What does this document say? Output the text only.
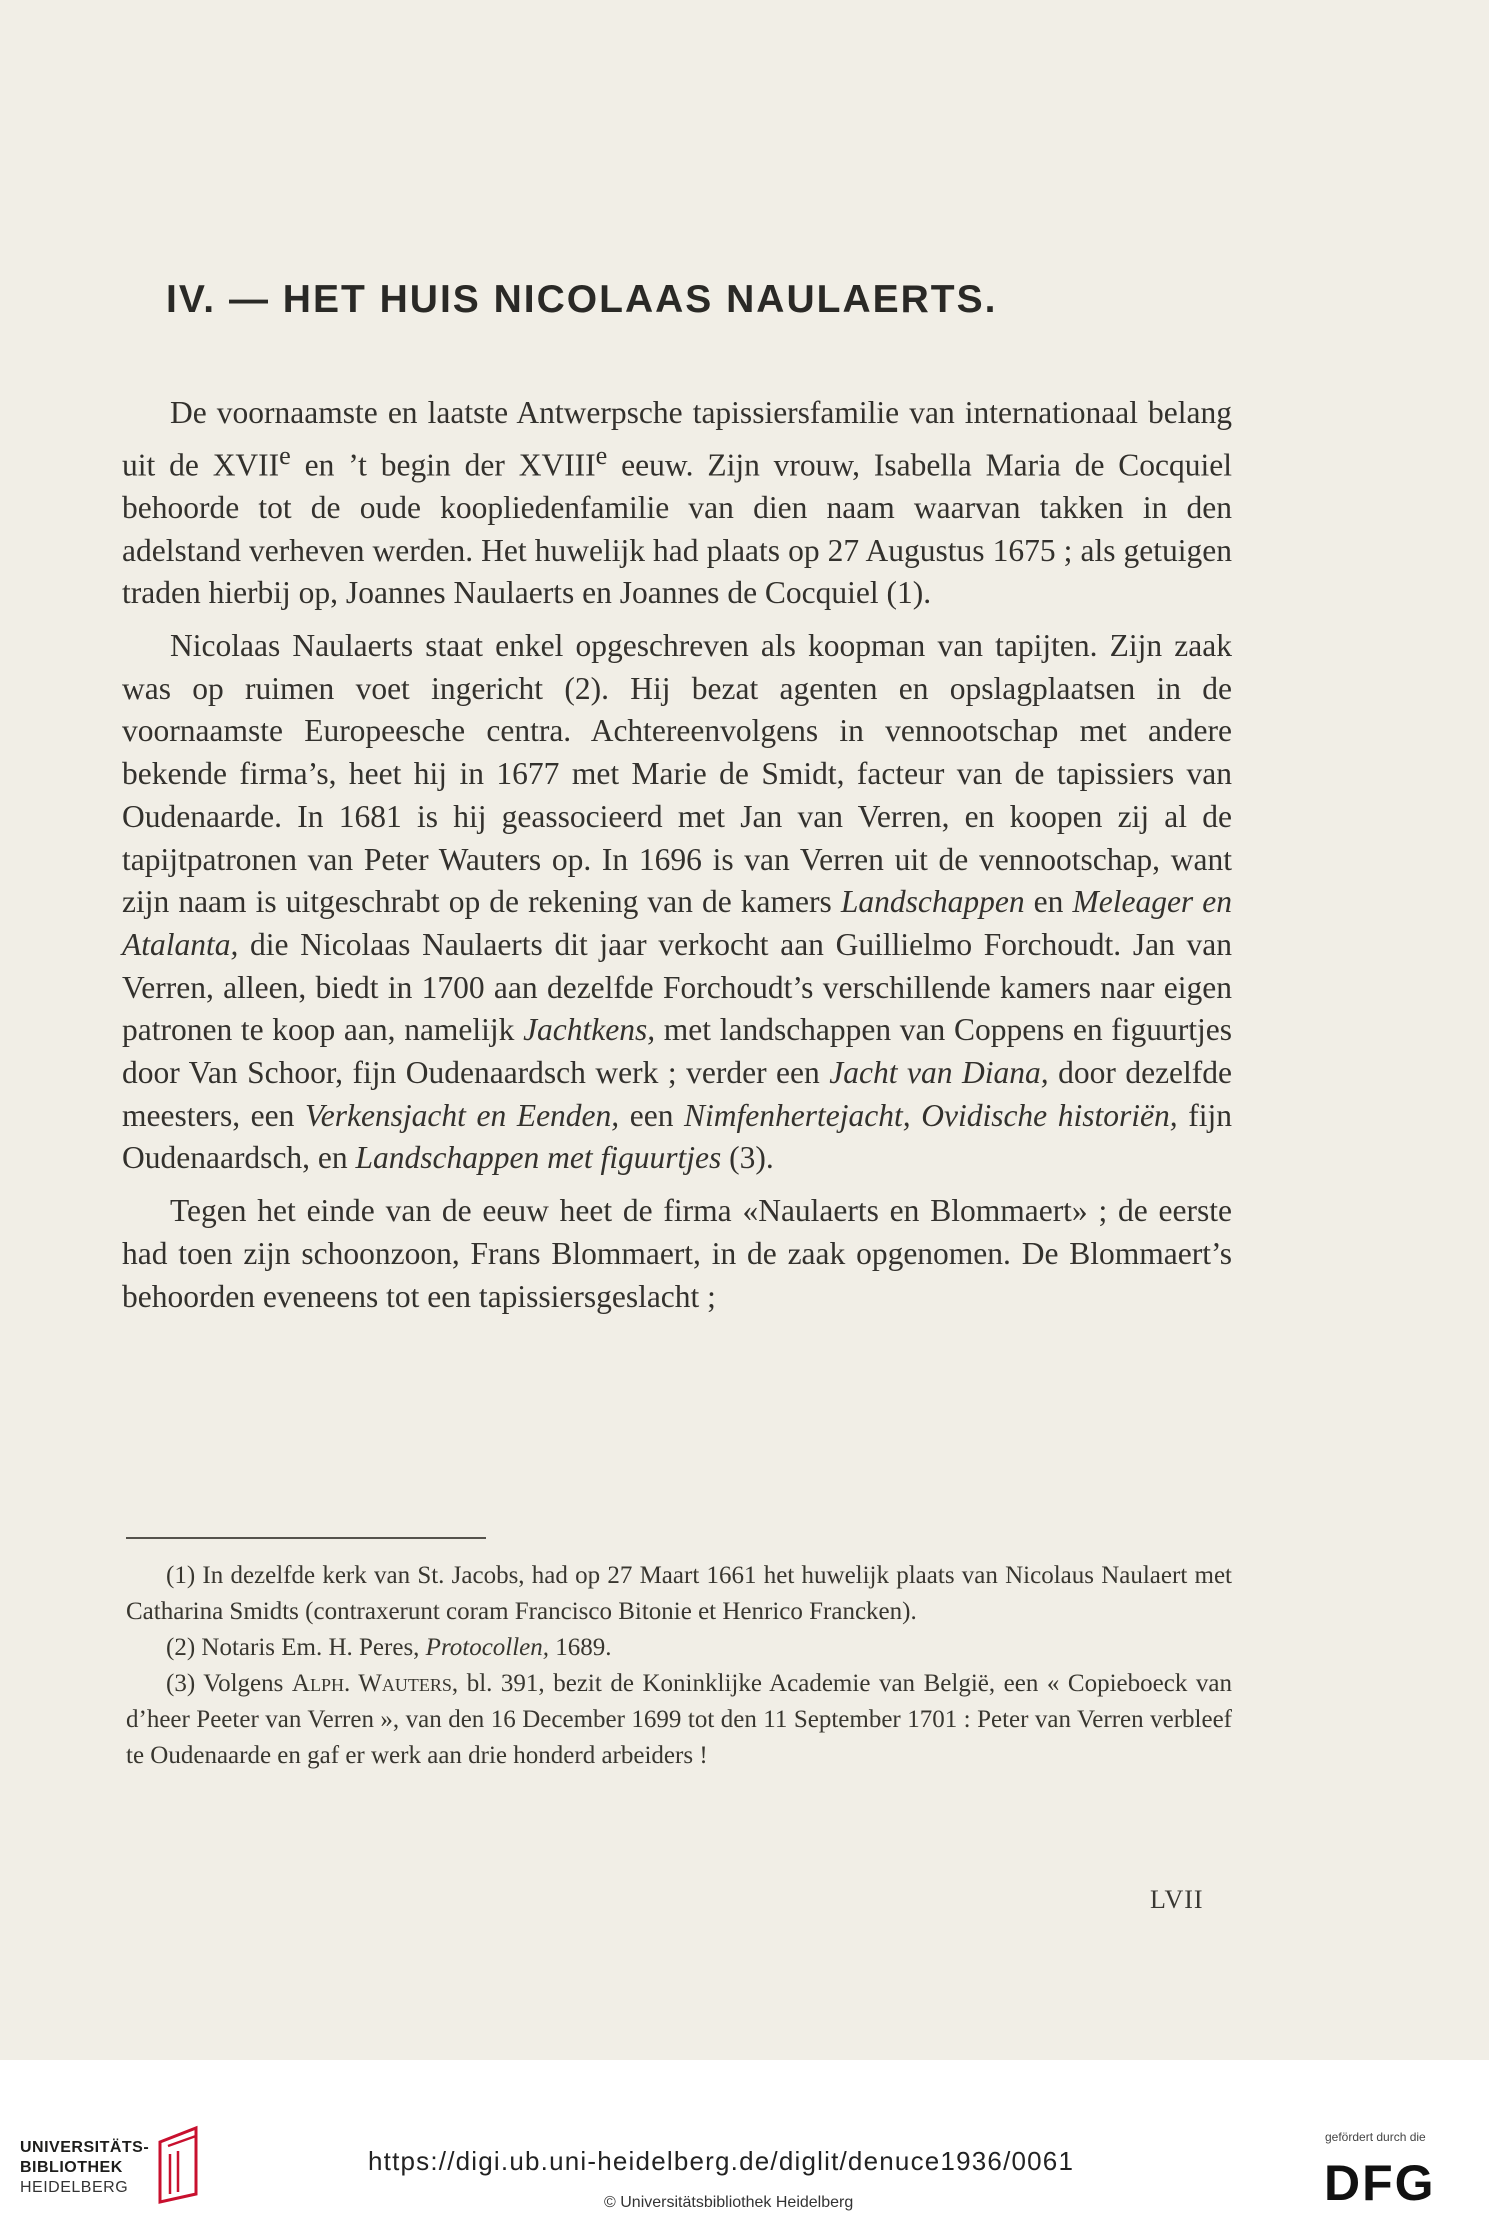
IV. — HET HUIS NICOLAAS NAULAERTS.

De voornaamste en laatste Antwerpsche tapissiersfamilie van internationaal belang uit de XVIIe en ’t begin der XVIIIe eeuw. Zijn vrouw, Isabella Maria de Cocquiel behoorde tot de oude koopliedenfamilie van dien naam waarvan takken in den adelstand verheven werden. Het huwelijk had plaats op 27 Augustus 1675 ; als getuigen traden hierbij op, Joannes Naulaerts en Joannes de Cocquiel (1).

Nicolaas Naulaerts staat enkel opgeschreven als koopman van tapijten. Zijn zaak was op ruimen voet ingericht (2). Hij bezat agenten en opslagplaatsen in de voornaamste Europeesche centra. Achtereenvolgens in vennootschap met andere bekende firma’s, heet hij in 1677 met Marie de Smidt, facteur van de tapissiers van Oudenaarde. In 1681 is hij geassocieerd met Jan van Verren, en koopen zij al de tapijtpatronen van Peter Wauters op. In 1696 is van Verren uit de vennootschap, want zijn naam is uitgeschrabt op de rekening van de kamers Landschappen en Meleager en Atalanta, die Nicolaas Naulaerts dit jaar verkocht aan Guillielmo Forchoudt. Jan van Verren, alleen, biedt in 1700 aan dezelfde Forchoudt’s verschillende kamers naar eigen patronen te koop aan, namelijk Jachtkens, met landschappen van Coppens en figuurtjes door Van Schoor, fijn Oudenaardsch werk ; verder een Jacht van Diana, door dezelfde meesters, een Verkensjacht en Eenden, een Nimfenhertejacht, Ovidische historiën, fijn Oudenaardsch, en Landschappen met figuurtjes (3).

Tegen het einde van de eeuw heet de firma «Naulaerts en Blommaert» ; de eerste had toen zijn schoonzoon, Frans Blommaert, in de zaak opgenomen. De Blommaert’s behoorden eveneens tot een tapissiersgeslacht ;

(1) In dezelfde kerk van St. Jacobs, had op 27 Maart 1661 het huwelijk plaats van Nicolaus Naulaert met Catharina Smidts (contraxerunt coram Francisco Bitonie et Henrico Francken).

(2) Notaris Em. H. Peres, Protocollen, 1689.

(3) Volgens Alph. Wauters, bl. 391, bezit de Koninklijke Academie van België, een « Copieboeck van d’heer Peeter van Verren », van den 16 December 1699 tot den 11 September 1701 : Peter van Verren verbleef te Oudenaarde en gaf er werk aan drie honderd arbeiders !

LVII
UNIVERSITÄTS-
BIBLIOTHEK
HEIDELBERG
https://digi.ub.uni-heidelberg.de/diglit/denuce1936/0061
© Universitätsbibliothek Heidelberg
gefördert durch die
DFG
